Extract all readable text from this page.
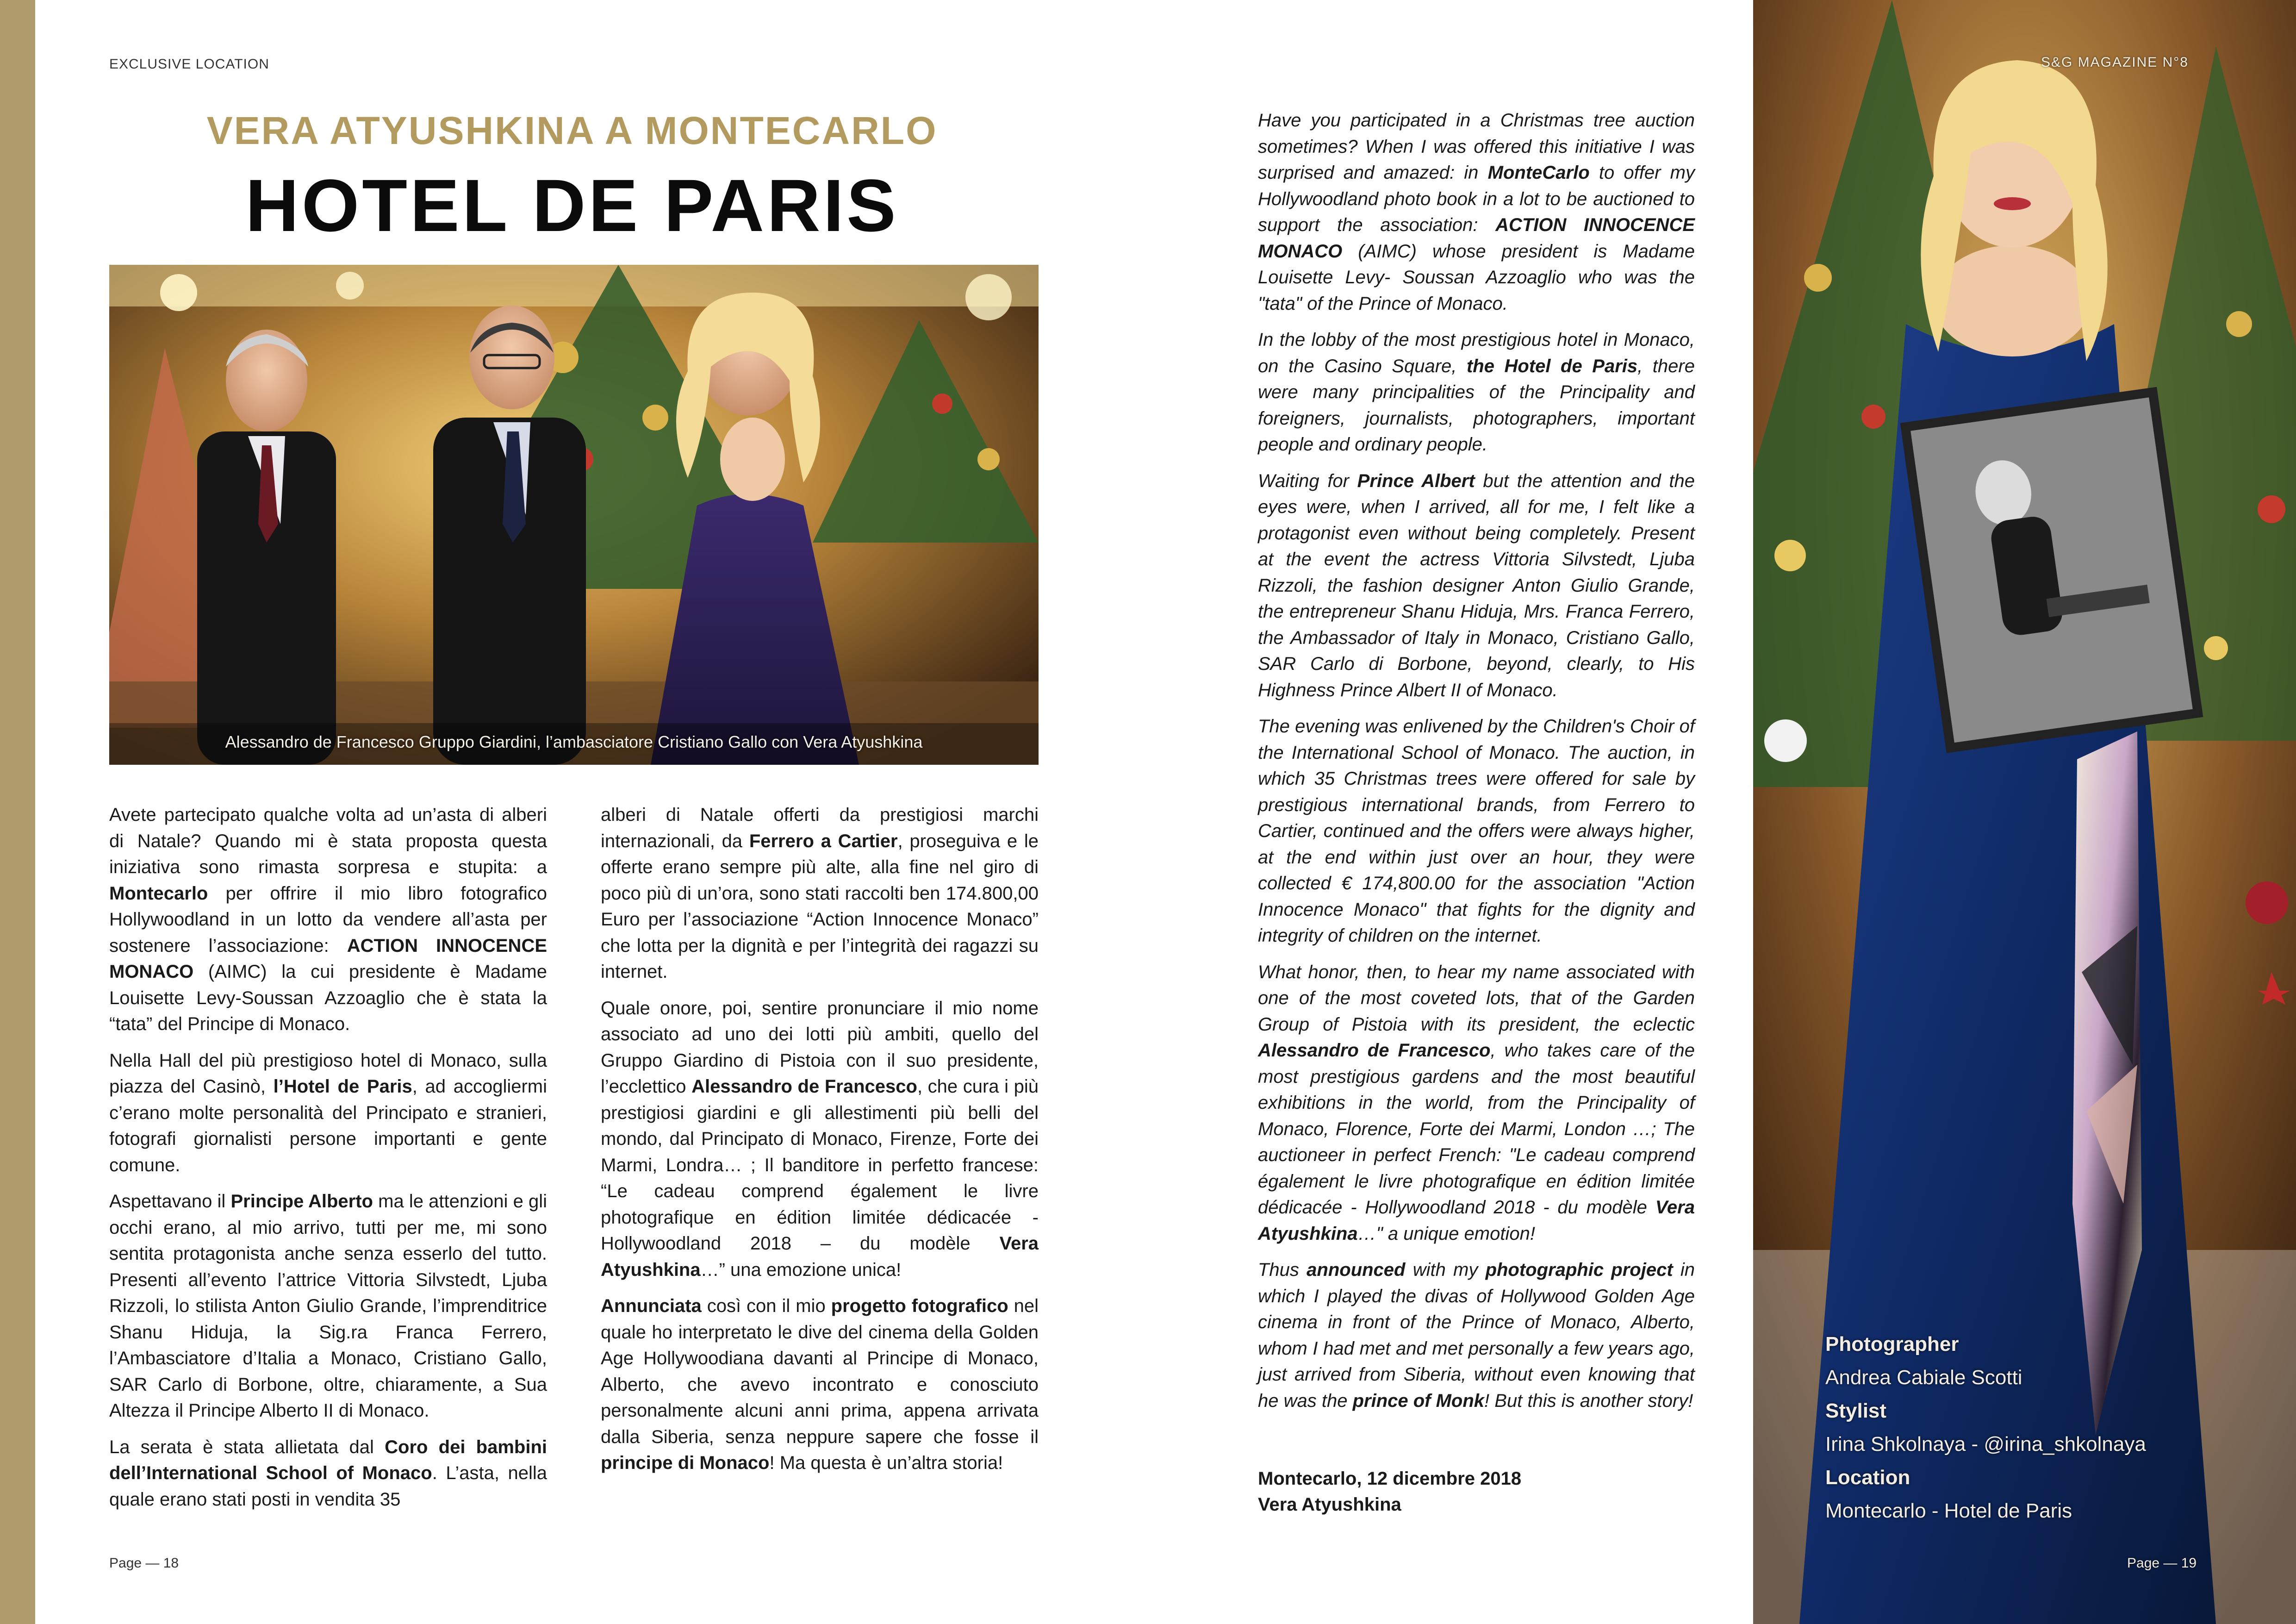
EXCLUSIVE LOCATION
VERA ATYUSHKINA A MONTECARLO
HOTEL DE PARIS
Alessandro de Francesco Gruppo Giardini, l’ambasciatore Cristiano Gallo con Vera Atyushkina

Avete partecipato qualche volta ad un’asta di alberi di Natale? Quando mi è stata proposta questa iniziativa sono rimasta sorpresa e stupita: a Montecarlo per offrire il mio libro fotografico Hollywoodland in un lotto da vendere all’asta per sostenere l’associazione: ACTION INNOCENCE MONACO (AIMC) la cui presidente è Madame Louisette Levy-Soussan Azzoaglio che è stata la “tata” del Principe di Monaco.

Nella Hall del più prestigioso hotel di Monaco, sulla piazza del Casinò, l’Hotel de Paris, ad accogliermi c’erano molte personalità del Principato e stranieri, fotografi giornalisti persone importanti e gente comune.

Aspettavano il Principe Alberto ma le attenzioni e gli occhi erano, al mio arrivo, tutti per me, mi sono sentita protagonista anche senza esserlo del tutto. Presenti all’evento l’attrice Vittoria Silvstedt, Ljuba Rizzoli, lo stilista Anton Giulio Grande, l’imprenditrice Shanu Hiduja, la Sig.ra Franca Ferrero, l’Ambasciatore d’Italia a Monaco, Cristiano Gallo, SAR Carlo di Borbone, oltre, chiaramente, a Sua Altezza il Principe Alberto II di Monaco.

La serata è stata allietata dal Coro dei bambini dell’International School of Monaco. L’asta, nella quale erano stati posti in vendita 35

alberi di Natale offerti da prestigiosi marchi internazionali, da Ferrero a Cartier, proseguiva e le offerte erano sempre più alte, alla fine nel giro di poco più di un’ora, sono stati raccolti ben 174.800,00 Euro per l’associazione “Action Innocence Monaco” che lotta per la dignità e per l’integrità dei ragazzi su internet.

Quale onore, poi, sentire pronunciare il mio nome associato ad uno dei lotti più ambiti, quello del Gruppo Giardino di Pistoia con il suo presidente, l’ecclettico Alessandro de Francesco, che cura i più prestigiosi giardini e gli allestimenti più belli del mondo, dal Principato di Monaco, Firenze, Forte dei Marmi, Londra… ; Il banditore in perfetto francese: “Le cadeau comprend également le livre photografique en édition limitée dédicacée - Hollywoodland 2018 – du modèle Vera Atyushkina…” una emozione unica!

Annunciata così con il mio progetto fotografico nel quale ho interpretato le dive del cinema della Golden Age Hollywoodiana davanti al Principe di Monaco, Alberto, che avevo incontrato e conosciuto personalmente alcuni anni prima, appena arrivata dalla Siberia, senza neppure sapere che fosse il principe di Monaco! Ma questa è un’altra storia!

Page — 18

Have you participated in a Christmas tree auction sometimes? When I was offered this initiative I was surprised and amazed: in MonteCarlo to offer my Hollywoodland photo book in a lot to be auctioned to support the association: ACTION INNOCENCE MONACO (AIMC) whose president is Madame Louisette Levy- Soussan Azzoaglio who was the "tata" of the Prince of Monaco.

In the lobby of the most prestigious hotel in Monaco, on the Casino Square, the Hotel de Paris, there were many principalities of the Principality and foreigners, journalists, photographers, important people and ordinary people.

Waiting for Prince Albert but the attention and the eyes were, when I arrived, all for me, I felt like a protagonist even without being completely. Present at the event the actress Vittoria Silvstedt, Ljuba Rizzoli, the fashion designer Anton Giulio Grande, the entrepreneur Shanu Hiduja, Mrs. Franca Ferrero, the Ambassador of Italy in Monaco, Cristiano Gallo, SAR Carlo di Borbone, beyond, clearly, to His Highness Prince Albert II of Monaco.

The evening was enlivened by the Children's Choir of the International School of Monaco. The auction, in which 35 Christmas trees were offered for sale by prestigious international brands, from Ferrero to Cartier, continued and the offers were always higher, at the end within just over an hour, they were collected € 174,800.00 for the association "Action Innocence Monaco" that fights for the dignity and integrity of children on the internet.

What honor, then, to hear my name associated with one of the most coveted lots, that of the Garden Group of Pistoia with its president, the eclectic Alessandro de Francesco, who takes care of the most prestigious gardens and the most beautiful exhibitions in the world, from the Principality of Monaco, Florence, Forte dei Marmi, London …; The auctioneer in perfect French: "Le cadeau comprend également le livre photografique en édition limitée dédicacée - Hollywoodland 2018 - du modèle Vera Atyushkina…" a unique emotion!

Thus announced with my photographic project in which I played the divas of Hollywood Golden Age cinema in front of the Prince of Monaco, Alberto, whom I had met and met personally a few years ago, just arrived from Siberia, without even knowing that he was the prince of Monk! But this is another story!

Montecarlo, 12 dicembre 2018
Vera Atyushkina
S&G MAGAZINE N°8
Photographer
Andrea Cabiale Scotti
Stylist
Irina Shkolnaya - @irina_shkolnaya
Location
Montecarlo - Hotel de Paris
Page — 19
